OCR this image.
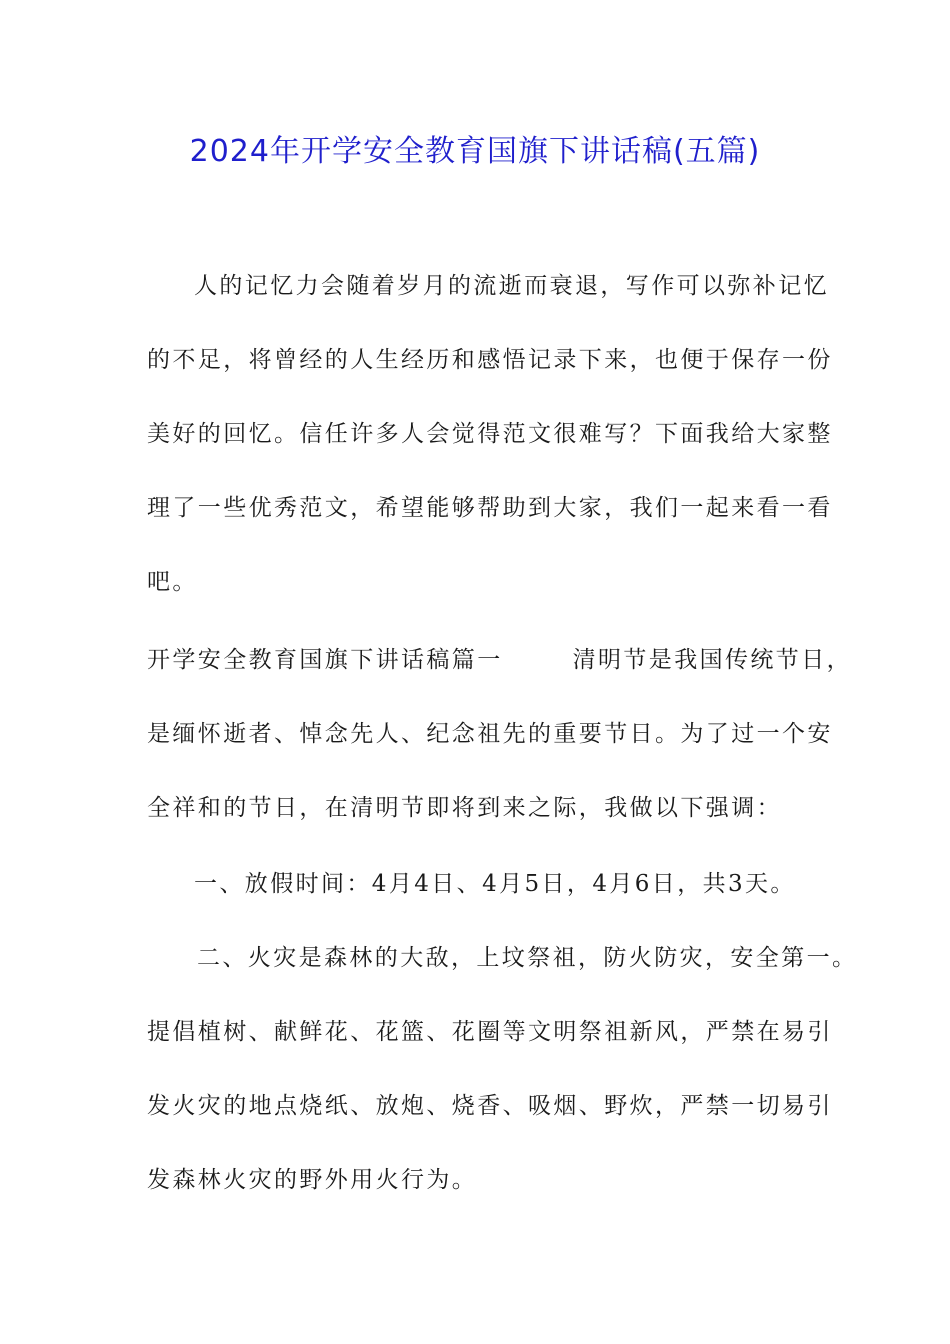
2024年开学安全教育国旗下讲话稿(五篇)

人的记忆力会随着岁月的流逝而衰退，写作可以弥补记忆

的不足，将曾经的人生经历和感悟记录下来，也便于保存一份

美好的回忆。信任许多人会觉得范文很难写？下面我给大家整

理了一些优秀范文，希望能够帮助到大家，我们一起来看一看

吧。

开学安全教育国旗下讲话稿篇一	清明节是我国传统节日，

是缅怀逝者、悼念先人、纪念祖先的重要节日。为了过一个安

全祥和的节日，在清明节即将到来之际，我做以下强调：

一、放假时间：4月4日、4月5日，4月6日，共3天。

二、火灾是森林的大敌，上坟祭祖，防火防灾，安全第一。

提倡植树、献鲜花、花篮、花圈等文明祭祖新风，严禁在易引

发火灾的地点烧纸、放炮、烧香、吸烟、野炊，严禁一切易引

发森林火灾的野外用火行为。
